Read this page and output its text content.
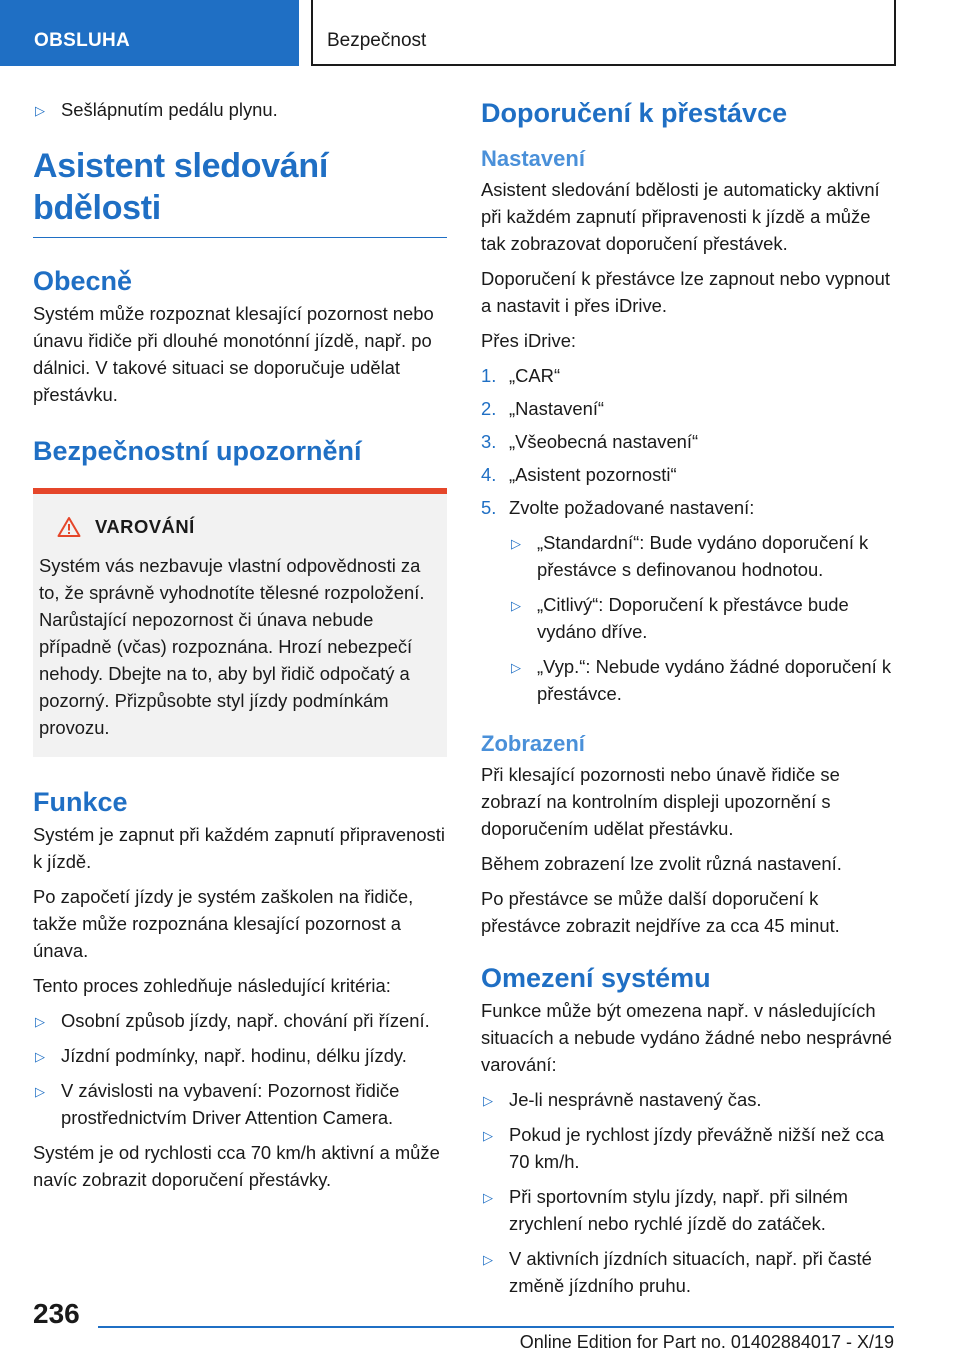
OBSLUHA	Bezpečnost
▷ Sešlápnutím pedálu plynu.
Asistent sledování bdělosti
Obecně

Systém může rozpoznat klesající pozornost nebo únavu řidiče při dlouhé monotónní jízdě, např. po dálnici. V takové situaci se doporučuje udělat přestávku.

Bezpečnostní upozornění
VAROVÁNÍ

Systém vás nezbavuje vlastní odpovědnosti za to, že správně vyhodnotíte tělesné rozpoložení. Narůstající nepozornost či únava nebude případně (včas) rozpoznána. Hrozí nebezpečí nehody. Dbejte na to, aby byl řidič odpočatý a pozorný. Přizpůsobte styl jízdy podmínkám provozu.

Funkce

Systém je zapnut při každém zapnutí připravenosti k jízdě.

Po započetí jízdy je systém zaškolen na řidiče, takže může rozpoznána klesající pozornost a únava.

Tento proces zohledňuje následující kritéria:

▷ Osobní způsob jízdy, např. chování při řízení.
▷ Jízdní podmínky, např. hodinu, délku jízdy.
▷ V závislosti na vybavení: Pozornost řidiče prostřednictvím Driver Attention Camera.

Systém je od rychlosti cca 70 km/h aktivní a může navíc zobrazit doporučení přestávky.

Doporučení k přestávce
Nastavení

Asistent sledování bdělosti je automaticky aktivní při každém zapnutí připravenosti k jízdě a může tak zobrazovat doporučení přestávek.

Doporučení k přestávce lze zapnout nebo vypnout a nastavit i přes iDrive.

Přes iDrive:

1. „CAR“
2. „Nastavení“
3. „Všeobecná nastavení“
4. „Asistent pozornosti“
5. Zvolte požadované nastavení:
▷ „Standardní“: Bude vydáno doporučení k přestávce s definovanou hodnotou.
▷ „Citlivý“: Doporučení k přestávce bude vydáno dříve.
▷ „Vyp.“: Nebude vydáno žádné doporučení k přestávce.
Zobrazení

Při klesající pozornosti nebo únavě řidiče se zobrazí na kontrolním displeji upozornění s doporučením udělat přestávku.

Během zobrazení lze zvolit různá nastavení.

Po přestávce se může další doporučení k přestávce zobrazit nejdříve za cca 45 minut.

Omezení systému

Funkce může být omezena např. v následujících situacích a nebude vydáno žádné nebo nesprávné varování:

▷ Je-li nesprávně nastavený čas.
▷ Pokud je rychlost jízdy převážně nižší než cca 70 km/h.
▷ Při sportovním stylu jízdy, např. při silném zrychlení nebo rychlé jízdě do zatáček.
▷ V aktivních jízdních situacích, např. při časté změně jízdního pruhu.
236
Online Edition for Part no. 01402884017 - X/19
